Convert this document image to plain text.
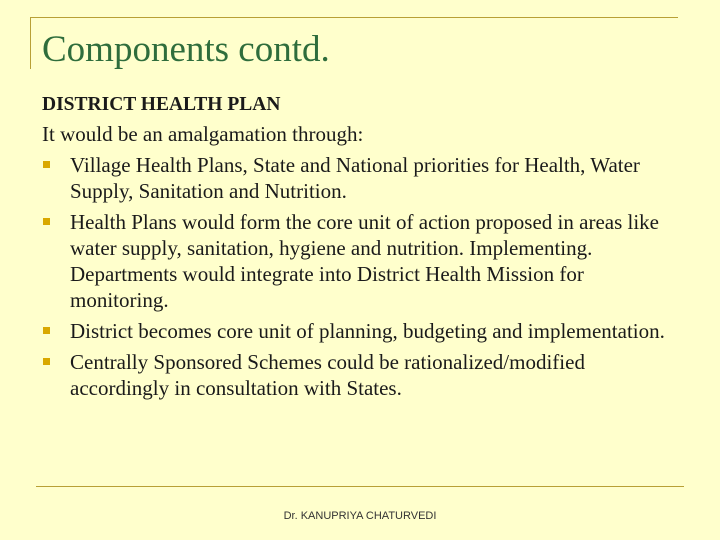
Components contd.
DISTRICT HEALTH PLAN
It would be an amalgamation through:
Village Health Plans, State and National priorities for Health, Water Supply, Sanitation and Nutrition.
Health Plans would form the core unit of action proposed in areas like water supply, sanitation, hygiene and nutrition. Implementing. Departments would integrate into District Health Mission for monitoring.
District becomes core unit of planning, budgeting and implementation.
Centrally Sponsored Schemes could be rationalized/modified accordingly in consultation with States.
Dr. KANUPRIYA CHATURVEDI
